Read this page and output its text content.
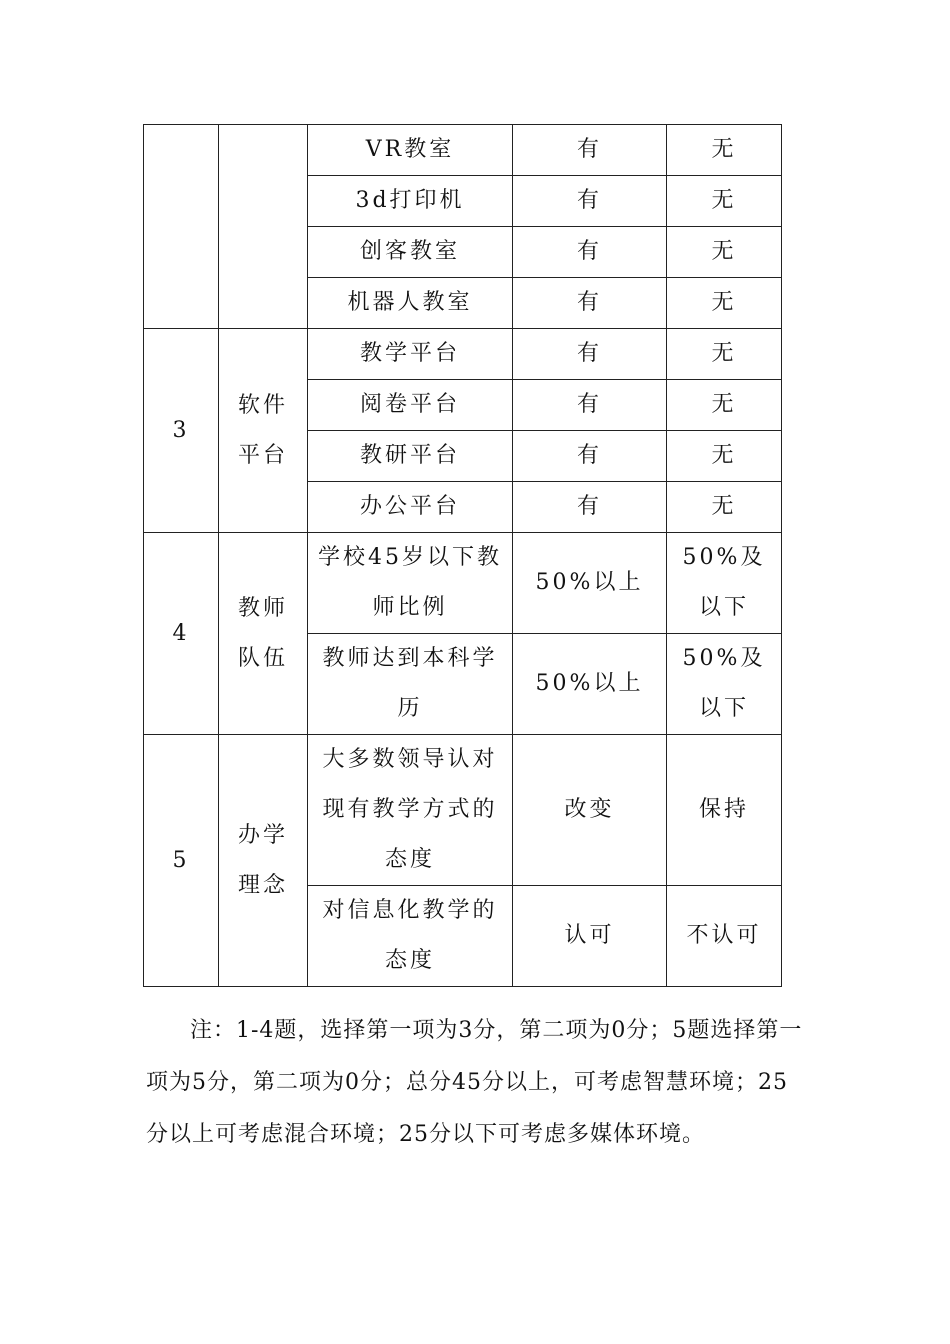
		VR教室	有	无
		3d打印机	有	无
		创客教室	有	无
		机器人教室	有	无
3	软件平台	教学平台	有	无
		阅卷平台	有	无
		教研平台	有	无
		办公平台	有	无
4	教师队伍	学校45岁以下教师比例	50%以上	50%及以下
		教师达到本科学历	50%以上	50%及以下
5	办学理念	大多数领导认对现有教学方式的态度	改变	保持
		对信息化教学的态度	认可	不认可

注：1-4题，选择第一项为3分，第二项为0分；5题选择第一项为5分，第二项为0分；总分45分以上，可考虑智慧环境；25分以上可考虑混合环境；25分以下可考虑多媒体环境。
